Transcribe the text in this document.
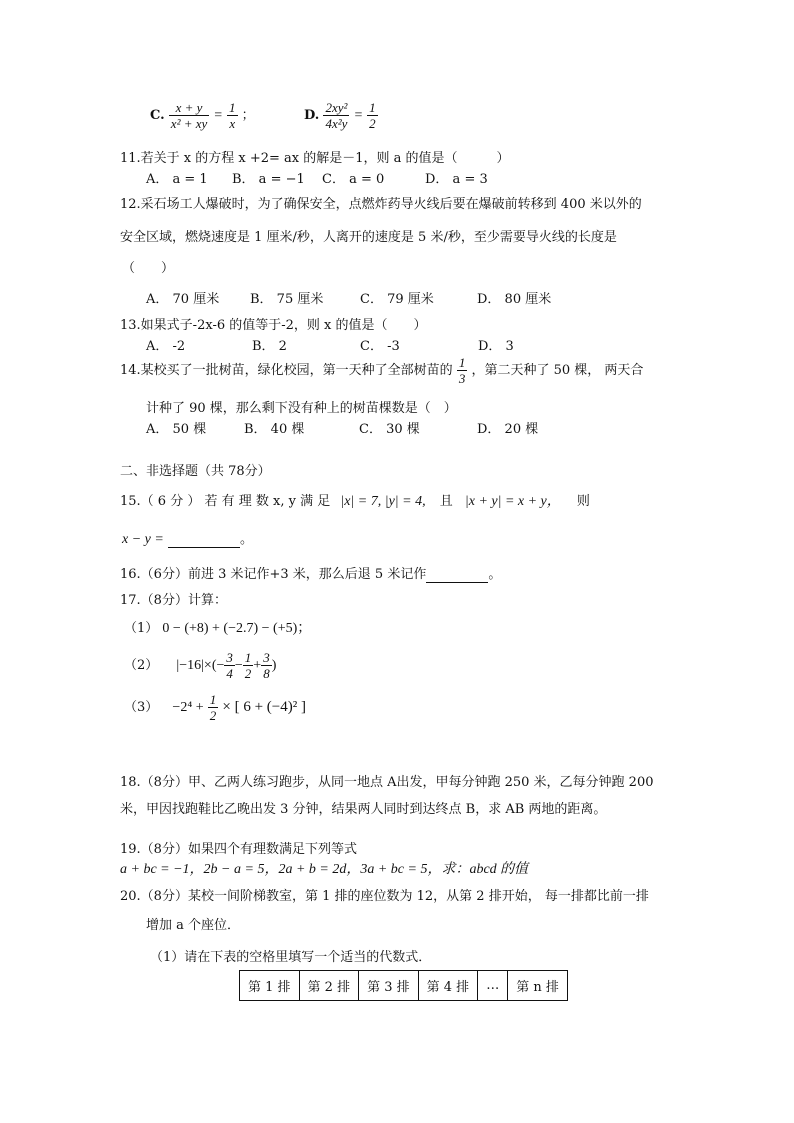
C. $\frac{x + y}{\text{x² + xy}} = \frac{1}{x}$ ；	D. $\frac{\text{2xy²}}{\text{4x²y}} = \frac{1}{2}$
11.若关于 x 的方程 x +2= ax 的解是－1，则 a 的值是（　　　）
A． a = 1 B． a = −1 C． a = 0	D． a = 3
12.采石场工人爆破时，为了确保安全，点燃炸药导火线后要在爆破前转移到 400 米以外的
安全区域，燃烧速度是 1 厘米/秒，人离开的速度是 5 米/秒，至少需要导火线的长度是
（　　）
A． 70 厘米 B． 75 厘米	C． 79 厘米	D． 80 厘米
13.如果式子-2x-6 的值等于-2，则 x 的值是（　　）
A． -2	B． 2	C． -3	D． 3
14.某校买了一批树苗，绿化校园，第一天种了全部树苗的 $\frac{1}{3}$ ，第二天种了 50 棵， 两天合
计种了 90 棵，那么剩下没有种上的树苗棵数是（　）
A． 50 棵	B． 40 棵	C． 30 棵	D． 20 棵
二、非选择题（共 78分）
15.（ 6 分 ） 若 有 理 数 x, y 满 足 |x| = 7, |y| = 4, 且 |x + y| = x + y， 则
x − y =	。
16.（6分）前进 3 米记作+3 米，那么后退 5 米记作	。
17.（8分）计算：
（1） 0 − (+8) + (−2.7) − (+5)；
（2） $|-16|\times(- \frac{3}{4} - \frac{1}{2} + \frac{3}{8}$ )
$(3) -2^4 + \frac{1}{2}$ × [ 6 + (−4)² ]
18.（8分）甲、乙两人练习跑步，从同一地点 A出发，甲每分钟跑 250 米，乙每分钟跑 200
米，甲因找跑鞋比乙晚出发 3 分钟，结果两人同时到达终点 B，求 AB 两地的距离。
19.（8分）如果四个有理数满足下列等式
a + bc = −1，2b − a = 5，2a + b = 2d，3a + bc = 5，求：abcd 的值
20.（8分）某校一间阶梯教室，第 1 排的座位数为 12，从第 2 排开始， 每一排都比前一排
增加 a 个座位．
（1）请在下表的空格里填写一个适当的代数式．
第 1 排	第 2 排	第 3 排	第 4 排	…	第 n 排
